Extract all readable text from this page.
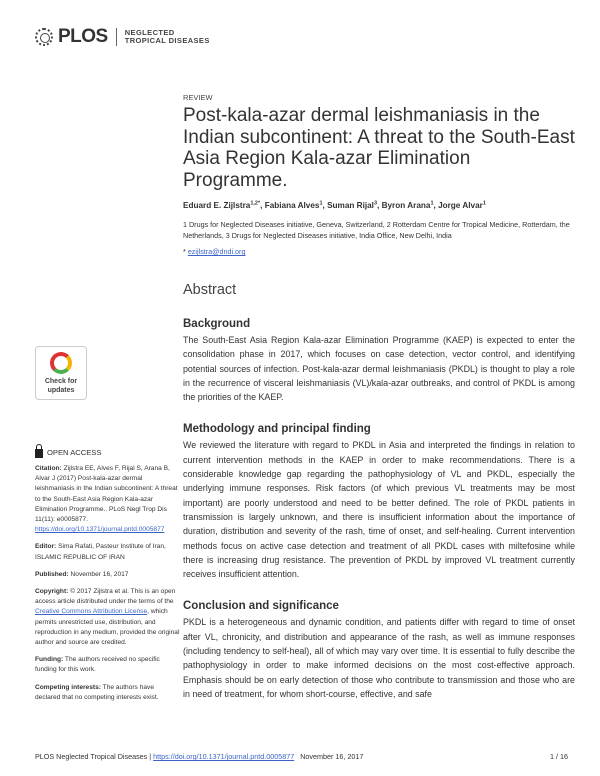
PLOS NEGLECTED
TROPICAL DISEASES
Check for
updates
OPEN ACCESS

Citation: Zijlstra EE, Alves F, Rijal S, Arana B, Alvar J (2017) Post-kala-azar dermal leishmaniasis in the Indian subcontinent: A threat to the South-East Asia Region Kala-azar Elimination Programme.. PLoS Negl Trop Dis 11(11): e0005877. https://doi.org/10.1371/journal.pntd.0005877

Editor: Sima Rafati, Pasteur Institute of Iran, ISLAMIC REPUBLIC OF IRAN

Published: November 16, 2017

Copyright: © 2017 Zijlstra et al. This is an open access article distributed under the terms of the Creative Commons Attribution License, which permits unrestricted use, distribution, and reproduction in any medium, provided the original author and source are credited.

Funding: The authors received no specific funding for this work.

Competing interests: The authors have declared that no competing interests exist.

REVIEW
Post-kala-azar dermal leishmaniasis in the Indian subcontinent: A threat to the South-East Asia Region Kala-azar Elimination Programme.
Eduard E. Zijlstra$^{1,2*}$, Fabiana Alves$^1$, Suman Rijal$^3$, Byron Arana$^1$, Jorge Alvar$^1$
1 Drugs for Neglected Diseases initiative, Geneva, Switzerland, 2 Rotterdam Centre for Tropical Medicine, Rotterdam, the Netherlands, 3 Drugs for Neglected Diseases initiative, India Office, New Delhi, India
* ezijlstra@dndi.org
Abstract
Background
The South-East Asia Region Kala-azar Elimination Programme (KAEP) is expected to enter the consolidation phase in 2017, which focuses on case detection, vector control, and identifying potential sources of infection. Post-kala-azar dermal leishmaniasis (PKDL) is thought to play a role in the recurrence of visceral leishmaniasis (VL)/kala-azar outbreaks, and control of PKDL is among the priorities of the KAEP.
Methodology and principal finding
We reviewed the literature with regard to PKDL in Asia and interpreted the findings in relation to current intervention methods in the KAEP in order to make recommendations. There is a considerable knowledge gap regarding the pathophysiology of VL and PKDL, especially the underlying immune responses. Risk factors (of which previous VL treatments may be most important) are poorly understood and need to be better defined. The role of PKDL patients in transmission is largely unknown, and there is insufficient information about the importance of duration, distribution and severity of the rash, time of onset, and self-healing. Current intervention methods focus on active case detection and treatment of all PKDL cases with miltefosine while there is increasing drug resistance. The prevention of PKDL by improved VL treatment currently receives insufficient attention.
Conclusion and significance
PKDL is a heterogeneous and dynamic condition, and patients differ with regard to time of onset after VL, chronicity, and distribution and appearance of the rash, as well as immune responses (including tendency to self-heal), all of which may vary over time. It is essential to fully describe the pathophysiology in order to make informed decisions on the most cost-effective approach. Emphasis should be on early detection of those who contribute to transmission and those who are in need of treatment, for whom short-course, effective, and safe
PLOS Neglected Tropical Diseases |
https://doi.org/10.1371/journal.pntd.0005877
November 16, 2017	1 / 16
